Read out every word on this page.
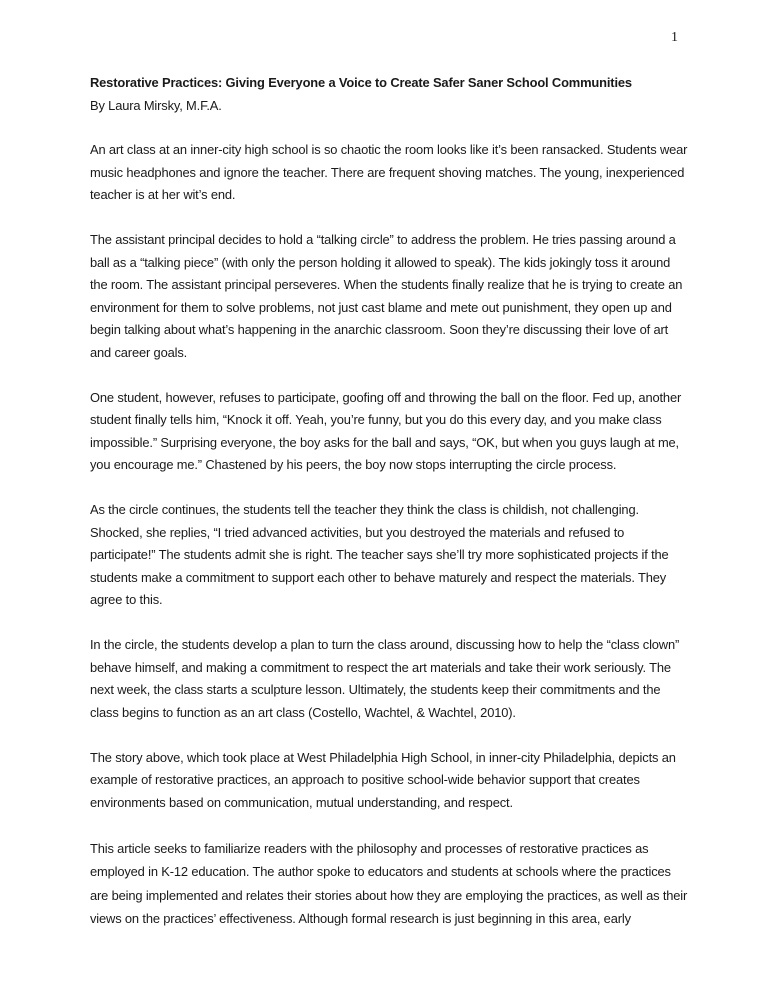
1

Restorative Practices: Giving Everyone a Voice to Create Safer Saner School Communities

By Laura Mirsky, M.F.A.

An art class at an inner-city high school is so chaotic the room looks like it’s been ransacked. Students wear music headphones and ignore the teacher. There are frequent shoving matches. The young, inexperienced teacher is at her wit’s end.

The assistant principal decides to hold a “talking circle” to address the problem. He tries passing around a ball as a “talking piece” (with only the person holding it allowed to speak). The kids jokingly toss it around the room. The assistant principal perseveres. When the students finally realize that he is trying to create an environment for them to solve problems, not just cast blame and mete out punishment, they open up and begin talking about what’s happening in the anarchic classroom. Soon they’re discussing their love of art and career goals.

One student, however, refuses to participate, goofing off and throwing the ball on the floor. Fed up, another student finally tells him, “Knock it off. Yeah, you’re funny, but you do this every day, and you make class impossible.” Surprising everyone, the boy asks for the ball and says, “OK, but when you guys laugh at me, you encourage me.” Chastened by his peers, the boy now stops interrupting the circle process.

As the circle continues, the students tell the teacher they think the class is childish, not challenging. Shocked, she replies, “I tried advanced activities, but you destroyed the materials and refused to participate!” The students admit she is right. The teacher says she’ll try more sophisticated projects if the students make a commitment to support each other to behave maturely and respect the materials. They agree to this.

In the circle, the students develop a plan to turn the class around, discussing how to help the “class clown” behave himself, and making a commitment to respect the art materials and take their work seriously. The next week, the class starts a sculpture lesson. Ultimately, the students keep their commitments and the class begins to function as an art class (Costello, Wachtel, & Wachtel, 2010).

The story above, which took place at West Philadelphia High School, in inner-city Philadelphia, depicts an example of restorative practices, an approach to positive school-wide behavior support that creates environments based on communication, mutual understanding, and respect.

This article seeks to familiarize readers with the philosophy and processes of restorative practices as employed in K-12 education. The author spoke to educators and students at schools where the practices are being implemented and relates their stories about how they are employing the practices, as well as their views on the practices’ effectiveness. Although formal research is just beginning in this area, early
